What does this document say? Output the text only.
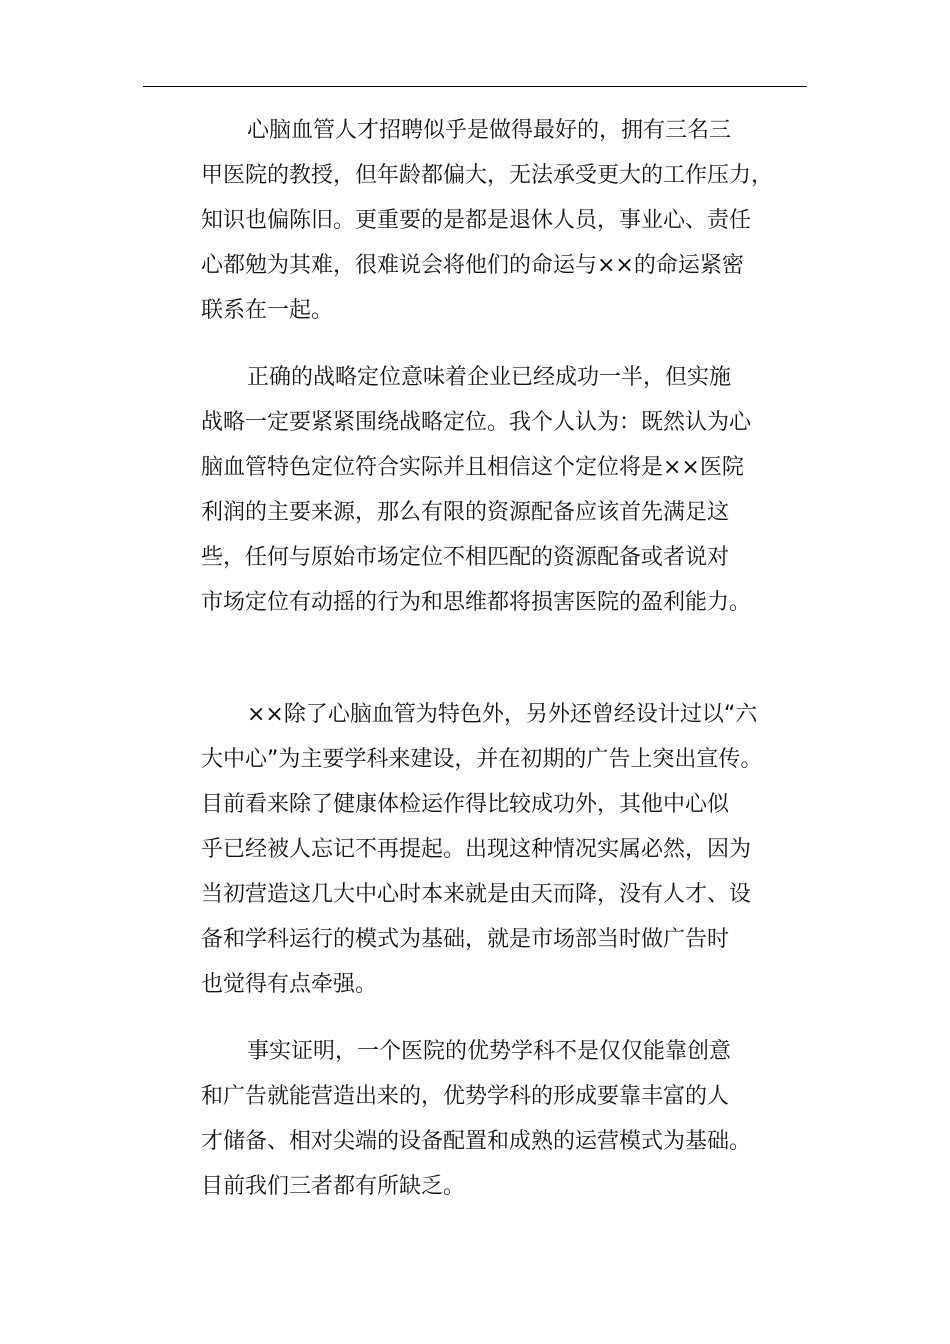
心脑血管人才招聘似乎是做得最好的，拥有三名三
甲医院的教授，但年龄都偏大，无法承受更大的工作压力，
知识也偏陈旧。更重要的是都是退休人员，事业心、责任
心都勉为其难，很难说会将他们的命运与××的命运紧密
联系在一起。
正确的战略定位意味着企业已经成功一半，但实施
战略一定要紧紧围绕战略定位。我个人认为：既然认为心
脑血管特色定位符合实际并且相信这个定位将是××医院
利润的主要来源，那么有限的资源配备应该首先满足这
些，任何与原始市场定位不相匹配的资源配备或者说对
市场定位有动摇的行为和思维都将损害医院的盈利能力。
××除了心脑血管为特色外，另外还曾经设计过以“六
大中心”为主要学科来建设，并在初期的广告上突出宣传。
目前看来除了健康体检运作得比较成功外，其他中心似
乎已经被人忘记不再提起。出现这种情况实属必然，因为
当初营造这几大中心时本来就是由天而降，没有人才、设
备和学科运行的模式为基础，就是市场部当时做广告时
也觉得有点牵强。
事实证明，一个医院的优势学科不是仅仅能靠创意
和广告就能营造出来的，优势学科的形成要靠丰富的人
才储备、相对尖端的设备配置和成熟的运营模式为基础。
目前我们三者都有所缺乏。
